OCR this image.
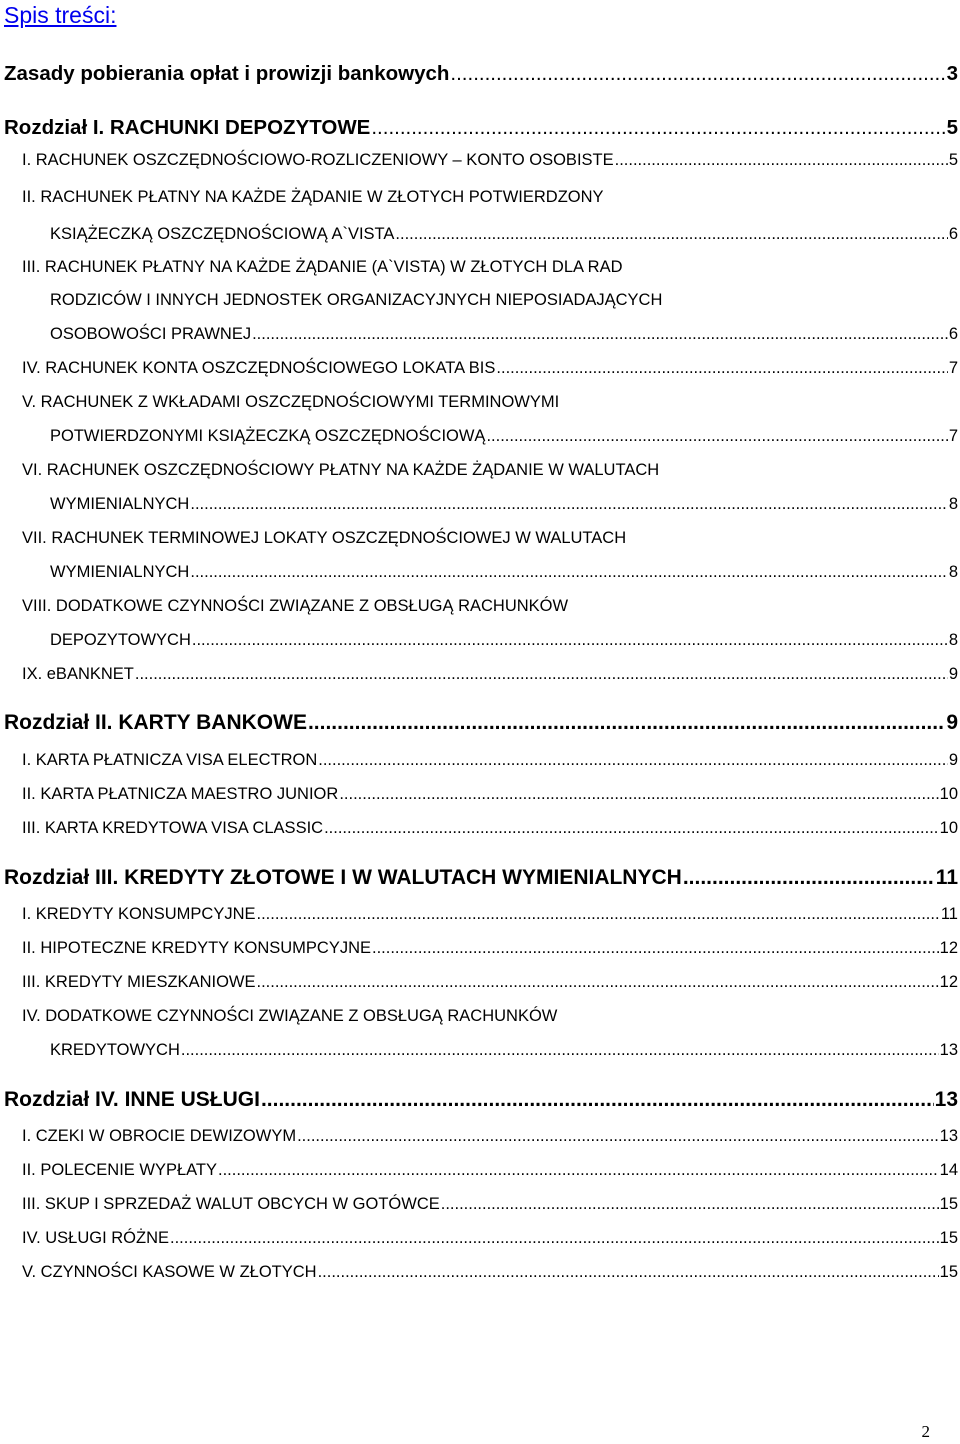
Spis treści:
Zasady pobierania opłat i prowizji bankowych .....	3
Rozdział I. RACHUNKI DEPOZYTOWE .....	5
I. RACHUNEK OSZCZĘDNOŚCIOWO-ROZLICZENIOWY – KONTO OSOBISTE .....	5
II. RACHUNEK PŁATNY NA KAŻDE ŻĄDANIE W ZŁOTYCH POTWIERDZONY
KSIĄŻECZKĄ OSZCZĘDNOŚCIOWĄ A`VISTA .....	6
III. RACHUNEK PŁATNY NA KAŻDE ŻĄDANIE (A`VISTA) W ZŁOTYCH DLA RAD
RODZICÓW I INNYCH JEDNOSTEK ORGANIZACYJNYCH NIEPOSIADAJĄCYCH
OSOBOWOŚCI PRAWNEJ .....	6
IV. RACHUNEK KONTA OSZCZĘDNOŚCIOWEGO LOKATA BIS .....	7
V. RACHUNEK Z WKŁADAMI OSZCZĘDNOŚCIOWYMI TERMINOWYMI
POTWIERDZONYMI KSIĄŻECZKĄ OSZCZĘDNOŚCIOWĄ .....	7
VI. RACHUNEK OSZCZĘDNOŚCIOWY PŁATNY NA KAŻDE ŻĄDANIE W WALUTACH
WYMIENIALNYCH .....	8
VII. RACHUNEK TERMINOWEJ LOKATY OSZCZĘDNOŚCIOWEJ W WALUTACH
WYMIENIALNYCH .....	8
VIII. DODATKOWE CZYNNOŚCI ZWIĄZANE Z OBSŁUGĄ RACHUNKÓW
DEPOZYTOWYCH .....	8
IX. eBANKNET .....	9
Rozdział II. KARTY BANKOWE .....	9
I. KARTA PŁATNICZA VISA ELECTRON .....	9
II. KARTA PŁATNICZA MAESTRO JUNIOR .....	10
III. KARTA KREDYTOWA VISA CLASSIC .....	10
Rozdział III. KREDYTY ZŁOTOWE I W WALUTACH WYMIENIALNYCH .....	11
I. KREDYTY KONSUMPCYJNE .....	11
II. HIPOTECZNE KREDYTY KONSUMPCYJNE .....	12
III. KREDYTY MIESZKANIOWE .....	12
IV. DODATKOWE CZYNNOŚCI ZWIĄZANE Z OBSŁUGĄ RACHUNKÓW
KREDYTOWYCH .....	13
Rozdział IV. INNE USŁUGI .....	13
I. CZEKI W OBROCIE DEWIZOWYM .....	13
II. POLECENIE WYPŁATY .....	14
III. SKUP I SPRZEDAŻ WALUT OBCYCH W GOTÓWCE .....	15
IV. USŁUGI RÓŻNE .....	15
V. CZYNNOŚCI KASOWE W ZŁOTYCH .....	15
2
